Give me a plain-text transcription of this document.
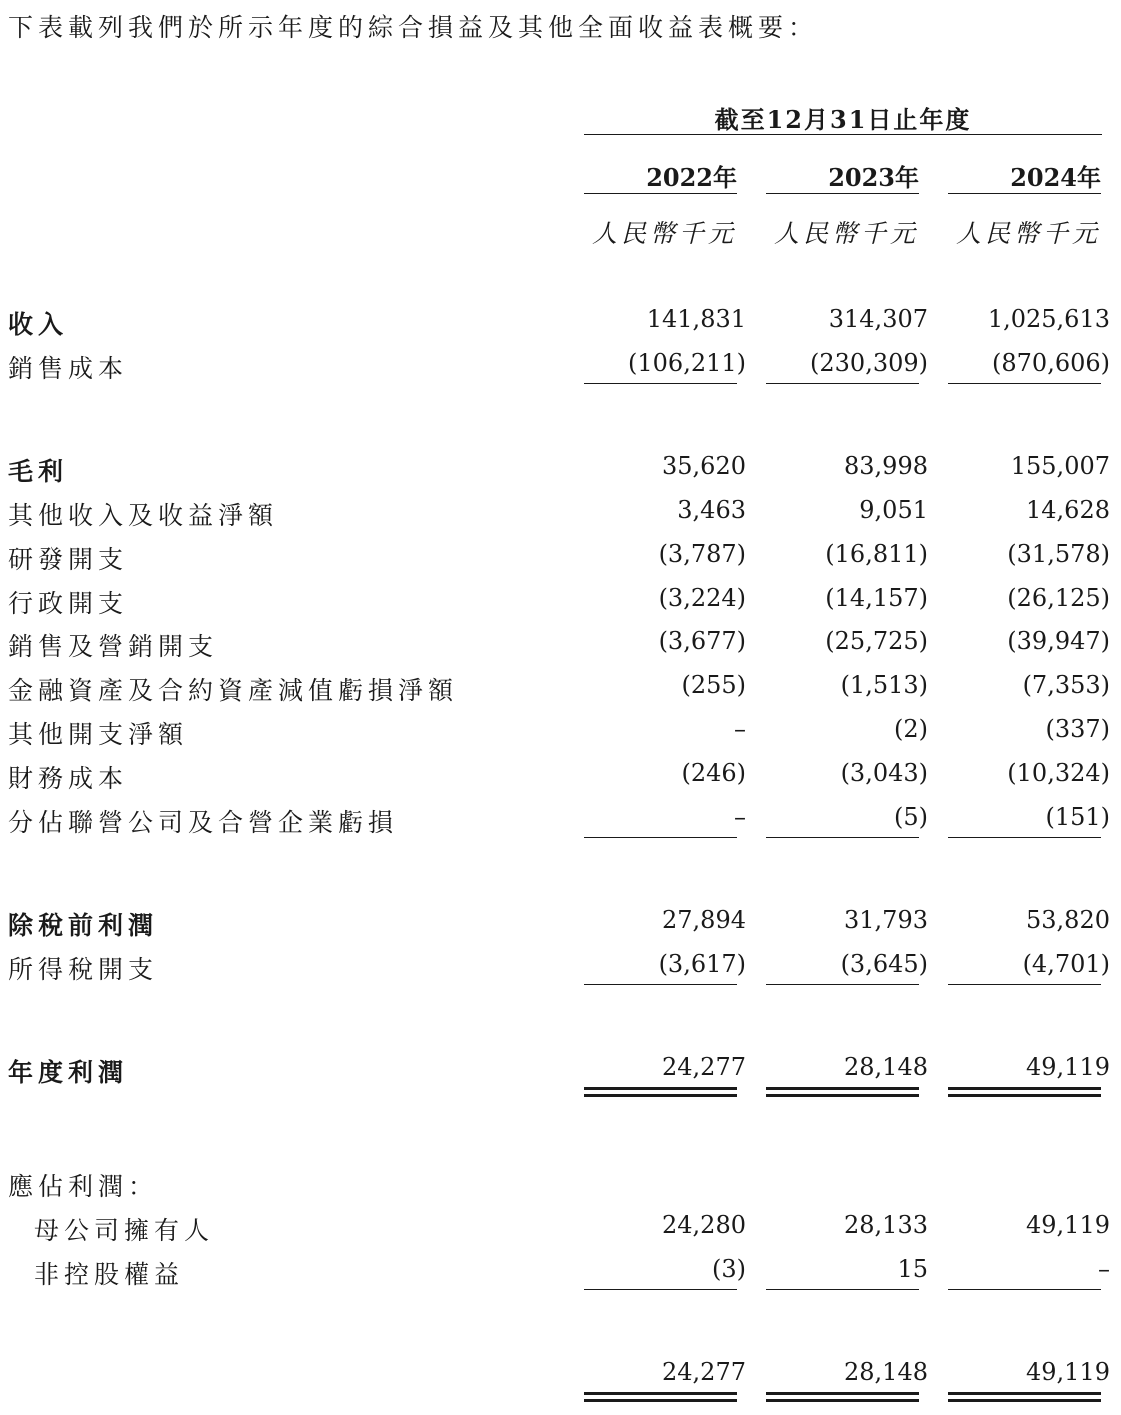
下表載列我們於所示年度的綜合損益及其他全面收益表概要：
截至12月31日止年度
2022年	2023年	2024年
人民幣千元	人民幣千元	人民幣千元
收入	141,831	314,307	1,025,613
銷售成本	(106,211)	(230,309)	(870,606)
毛利	35,620	83,998	155,007
其他收入及收益淨額	3,463	9,051	14,628
研發開支	(3,787)	(16,811)	(31,578)
行政開支	(3,224)	(14,157)	(26,125)
銷售及營銷開支	(3,677)	(25,725)	(39,947)
金融資產及合約資產減值虧損淨額	(255)	(1,513)	(7,353)
其他開支淨額	–	(2)	(337)
財務成本	(246)	(3,043)	(10,324)
分佔聯營公司及合營企業虧損	–	(5)	(151)
除稅前利潤	27,894	31,793	53,820
所得稅開支	(3,617)	(3,645)	(4,701)
年度利潤	24,277	28,148	49,119
應佔利潤：
母公司擁有人	24,280	28,133	49,119
非控股權益	(3)	15	–
24,277	28,148	49,119
